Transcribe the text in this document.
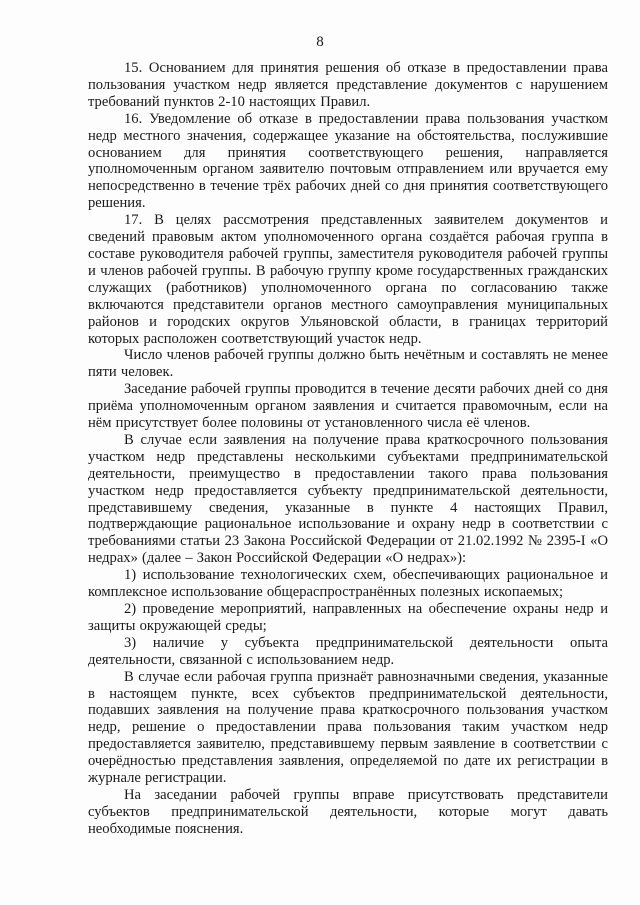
8

15. Основанием для принятия решения об отказе в предоставлении права пользования участком недр является представление документов с нарушением требований пунктов 2-10 настоящих Правил.

16. Уведомление об отказе в предоставлении права пользования участком недр местного значения, содержащее указание на обстоятельства, послужившие основанием для принятия соответствующего решения, направляется уполномоченным органом заявителю почтовым отправлением или вручается ему непосредственно в течение трёх рабочих дней со дня принятия соответствующего решения.

17. В целях рассмотрения представленных заявителем документов и сведений правовым актом уполномоченного органа создаётся рабочая группа в составе руководителя рабочей группы, заместителя руководителя рабочей группы и членов рабочей группы. В рабочую группу кроме государственных гражданских служащих (работников) уполномоченного органа по согласованию также включаются представители органов местного самоуправления муниципальных районов и городских округов Ульяновской области, в границах территорий которых расположен соответствующий участок недр.

Число членов рабочей группы должно быть нечётным и составлять не менее пяти человек.

Заседание рабочей группы проводится в течение десяти рабочих дней со дня приёма уполномоченным органом заявления и считается правомочным, если на нём присутствует более половины от установленного числа её членов.

В случае если заявления на получение права краткосрочного пользования участком недр представлены несколькими субъектами предпринимательской деятельности, преимущество в предоставлении такого права пользования участком недр предоставляется субъекту предпринимательской деятельности, представившему сведения, указанные в пункте 4 настоящих Правил, подтверждающие рациональное использование и охрану недр в соответствии с требованиями статьи 23 Закона Российской Федерации от 21.02.1992 № 2395-I «О недрах» (далее – Закон Российской Федерации «О недрах»):

1) использование технологических схем, обеспечивающих рациональное и комплексное использование общераспространённых полезных ископаемых;

2) проведение мероприятий, направленных на обеспечение охраны недр и защиты окружающей среды;

3) наличие у субъекта предпринимательской деятельности опыта деятельности, связанной с использованием недр.

В случае если рабочая группа признаёт равнозначными сведения, указанные в настоящем пункте, всех субъектов предпринимательской деятельности, подавших заявления на получение права краткосрочного пользования участком недр, решение о предоставлении права пользования таким участком недр предоставляется заявителю, представившему первым заявление в соответствии с очерёдностью представления заявления, определяемой по дате их регистрации в журнале регистрации.

На заседании рабочей группы вправе присутствовать представители субъектов предпринимательской деятельности, которые могут давать необходимые пояснения.
